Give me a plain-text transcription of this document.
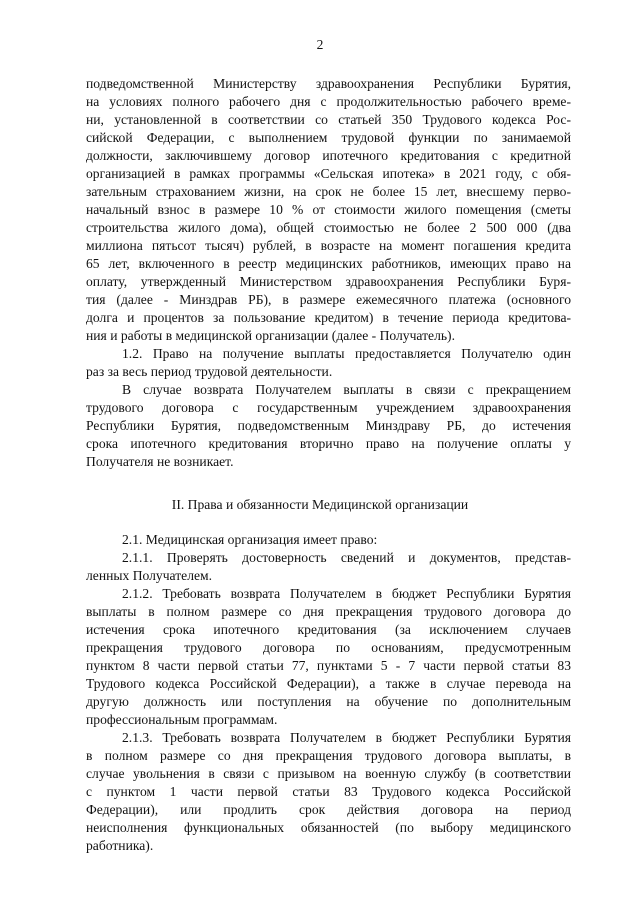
2
подведомственной Министерству здравоохранения Республики Бурятия,
на условиях полного рабочего дня с продолжительностью рабочего време-
ни, установленной в соответствии со статьей 350 Трудового кодекса Рос-
сийской Федерации, с выполнением трудовой функции по занимаемой
должности, заключившему договор ипотечного кредитования с кредитной
организацией в рамках программы «Сельская ипотека» в 2021 году, с обя-
зательным страхованием жизни, на срок не более 15 лет, внесшему перво-
начальный взнос в размере 10 % от стоимости жилого помещения (сметы
строительства жилого дома), общей стоимостью не более 2 500 000 (два
миллиона пятьсот тысяч) рублей, в возрасте на момент погашения кредита
65 лет, включенного в реестр медицинских работников, имеющих право на
оплату, утвержденный Министерством здравоохранения Республики Буря-
тия (далее - Минздрав РБ), в размере ежемесячного платежа (основного
долга и процентов за пользование кредитом) в течение периода кредитова-
ния и работы в медицинской организации (далее - Получатель).
1.2. Право на получение выплаты предоставляется Получателю один
раз за весь период трудовой деятельности.
В случае возврата Получателем выплаты в связи с прекращением
трудового договора с государственным учреждением здравоохранения
Республики Бурятия, подведомственным Минздраву РБ, до истечения
срока ипотечного кредитования вторично право на получение оплаты у
Получателя не возникает.
II. Права и обязанности Медицинской организации
2.1. Медицинская организация имеет право:
2.1.1. Проверять достоверность сведений и документов, представ-
ленных Получателем.
2.1.2. Требовать возврата Получателем в бюджет Республики Бурятия
выплаты в полном размере со дня прекращения трудового договора до
истечения срока ипотечного кредитования (за исключением случаев
прекращения трудового договора по основаниям, предусмотренным
пунктом 8 части первой статьи 77, пунктами 5 - 7 части первой статьи 83
Трудового кодекса Российской Федерации), а также в случае перевода на
другую должность или поступления на обучение по дополнительным
профессиональным программам.
2.1.3. Требовать возврата Получателем в бюджет Республики Бурятия
в полном размере со дня прекращения трудового договора выплаты, в
случае увольнения в связи с призывом на военную службу (в соответствии
с пунктом 1 части первой статьи 83 Трудового кодекса Российской
Федерации), или продлить срок действия договора на период
неисполнения функциональных обязанностей (по выбору медицинского
работника).
